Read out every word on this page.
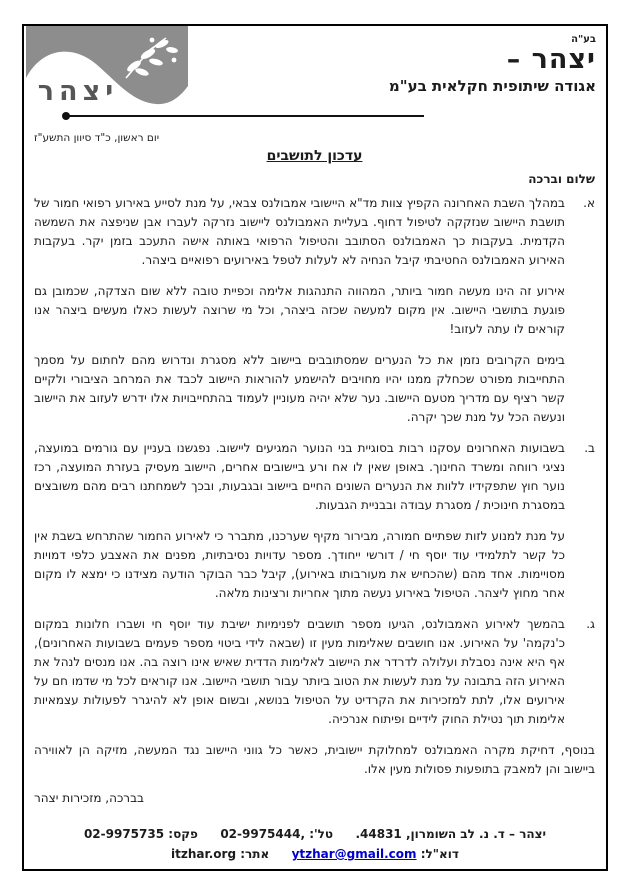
יצהר
בע"ה
יצהר –
אגודה שיתופית חקלאית בע"מ
יום ראשון, כ"ד סיוון התשע"ז
עדכון לתושבים
שלום וברכה
א.

במהלך השבת האחרונה הקפיץ צוות מד"א היישובי אמבולנס צבאי, על מנת לסייע באירוע רפואי חמור של תושבת היישוב שנזקקה לטיפול דחוף. בעליית האמבולנס ליישוב נזרקה לעברו אבן שניפצה את השמשה הקדמית. בעקבות כך האמבולנס הסתובב והטיפול הרפואי באותה אישה התעכב בזמן יקר. בעקבות האירוע האמבולנס החטיבתי קיבל הנחיה לא לעלות לטפל באירועים רפואיים ביצהר.

אירוע זה הינו מעשה חמור ביותר, המהווה התנהגות אלימה וכפיית טובה ללא שום הצדקה, שכמובן גם פוגעת בתושבי היישוב. אין מקום למעשה שכזה ביצהר, וכל מי שרוצה לעשות כאלו מעשים ביצהר אנו קוראים לו עתה לעזוב!

בימים הקרובים נזמן את כל הנערים שמסתובבים ביישוב ללא מסגרת ונדרוש מהם לחתום על מסמך התחייבות מפורט שכחלק ממנו יהיו מחויבים להישמע להוראות היישוב לכבד את המרחב הציבורי ולקיים קשר רציף עם מדריך מטעם היישוב. נער שלא יהיה מעוניין לעמוד בהתחייבויות אלו ידרש לעזוב את היישוב ונעשה הכל על מנת שכך יקרה.

ב.

בשבועות האחרונים עסקנו רבות בסוגיית בני הנוער המגיעים ליישוב. נפגשנו בעניין עם גורמים במועצה, נציגי רווחה ומשרד החינוך. באופן שאין לו אח ורע ביישובים אחרים, היישוב מעסיק בעזרת המועצה, רכז נוער חוץ שתפקידיו ללוות את הנערים השונים החיים ביישוב ובגבעות, ובכך לשמחתנו רבים מהם משובצים במסגרת חינוכית / מסגרת עבודה ובבניית הגבעות.

על מנת למנוע לזות שפתיים חמורה, מבירור מקיף שערכנו, מתברר כי לאירוע החמור שהתרחש בשבת אין כל קשר לתלמידי עוד יוסף חי / דורשי ייחודך. מספר עדויות נסיבתיות, מפנים את האצבע כלפי דמויות מסויימות. אחד מהם (שהכחיש את מעורבותו באירוע), קיבל כבר הבוקר הודעה מצידנו כי ימצא לו מקום אחר מחוץ ליצהר. הטיפול באירוע נעשה מתוך אחריות ורצינות מלאה.

ג.

בהמשך לאירוע האמבולנס, הגיעו מספר תושבים לפנימיות ישיבת עוד יוסף חי ושברו חלונות במקום כ'נקמה' על האירוע. אנו חושבים שאלימות מעין זו (שבאה לידי ביטוי מספר פעמים בשבועות האחרונים), אף היא אינה נסבלת ועלולה לדרדר את היישוב לאלימות הדדית שאיש אינו רוצה בה. אנו מנסים לנהל את האירוע הזה בתבונה על מנת לעשות את הטוב ביותר עבור תושבי היישוב. אנו קוראים לכל מי שדמו חם על אירועים אלו, לתת למזכירות את הקרדיט על הטיפול בנושא, ובשום אופן לא להיגרר לפעולות עצמאיות אלימות תוך נטילת החוק לידיים ופיתוח אנרכיה.

בנוסף, דחיקת מקרה האמבולנס למחלוקת יישובית, כאשר כל גווני היישוב נגד המעשה, מזיקה הן לאווירה ביישוב והן למאבק בתופעות פסולות מעין אלו.

בברכה, מזכירות יצהר
יצהר – ד. נ. לב השומרון, 44831.  טל': 02-9975444,  פקס: 02-9975735
דוא"ל: ytzhar@gmail.com  אתר: itzhar.org
